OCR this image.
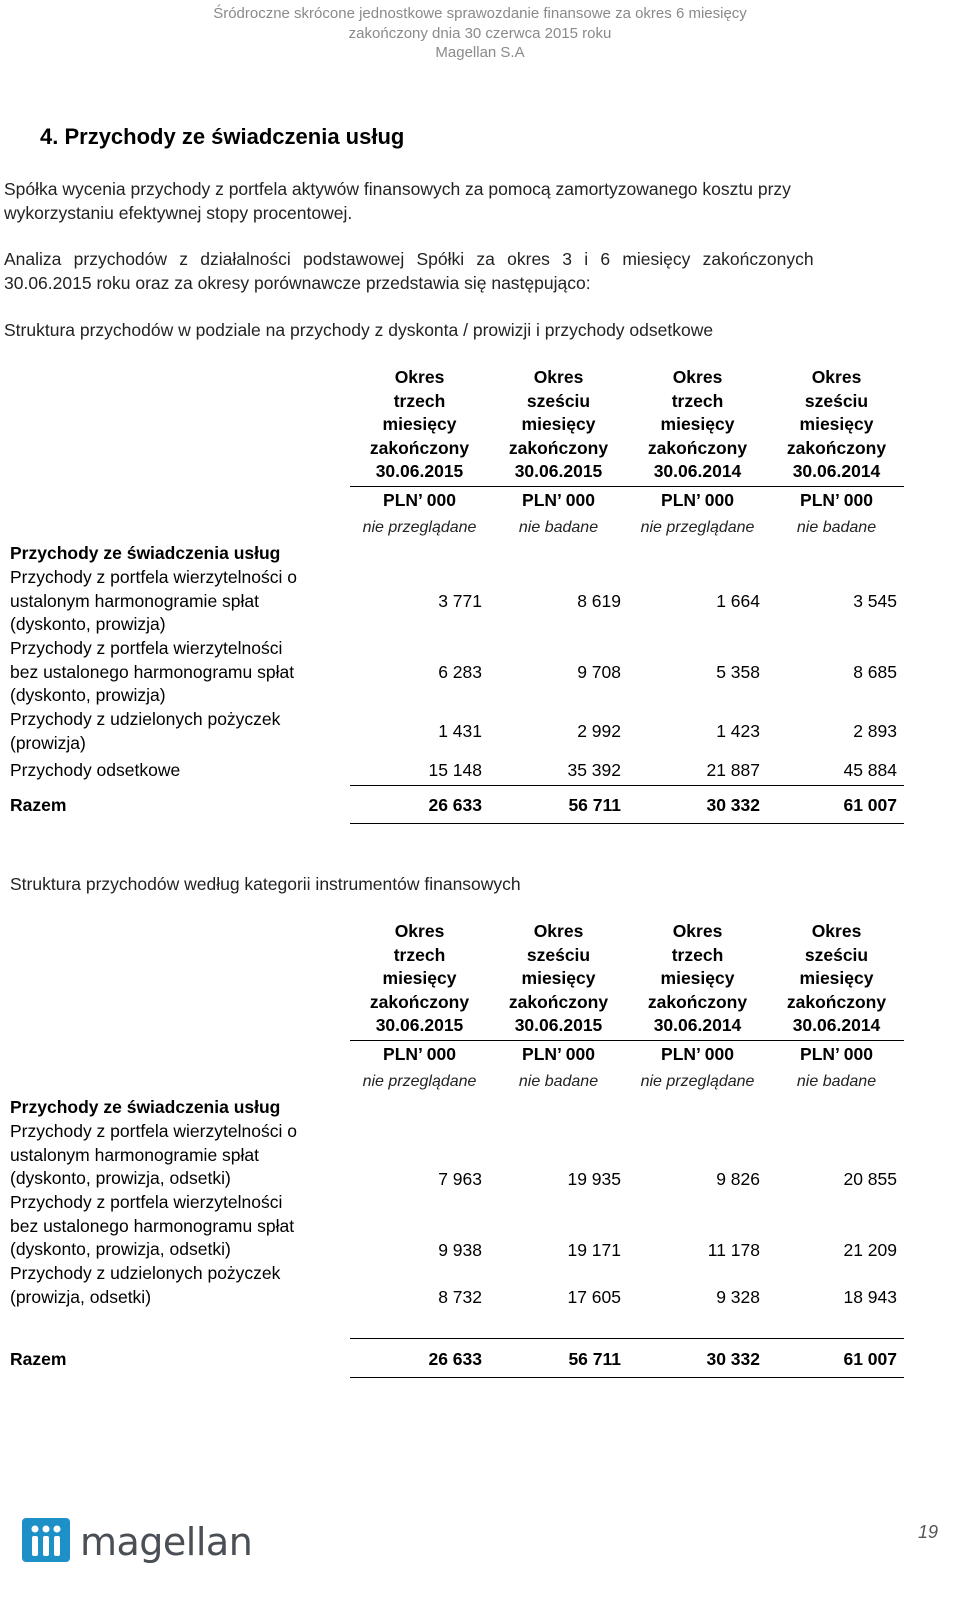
Śródroczne skrócone jednostkowe sprawozdanie finansowe za okres 6 miesięcy
zakończony dnia 30 czerwca 2015 roku
Magellan S.A
4. Przychody ze świadczenia usług
Spółka wycenia przychody z portfela aktywów finansowych za pomocą zamortyzowanego kosztu przy
wykorzystaniu efektywnej stopy procentowej.
Analiza przychodów z działalności podstawowej Spółki za okres 3 i 6 miesięcy zakończonych
30.06.2015 roku oraz za okresy porównawcze przedstawia się następująco:
Struktura przychodów w podziale na przychody z dyskonta / prowizji i przychody odsetkowe
Okres
trzech
miesięcy
zakończony
30.06.2015
Okres
sześciu
miesięcy
zakończony
30.06.2015
Okres
trzech
miesięcy
zakończony
30.06.2014
Okres
sześciu
miesięcy
zakończony
30.06.2014
PLN’ 000	PLN’ 000	PLN’ 000	PLN’ 000
nie przeglądane	nie badane	nie przeglądane	nie badane
Przychody ze świadczenia usług
Przychody z portfela wierzytelności o
ustalonym harmonogramie spłat
(dyskonto, prowizja)
3 771	8 619	1 664	3 545
Przychody z portfela wierzytelności
bez ustalonego harmonogramu spłat
(dyskonto, prowizja)
6 283	9 708	5 358	8 685
Przychody z udzielonych pożyczek
(prowizja)
1 431	2 992	1 423	2 893
Przychody odsetkowe	15 148	35 392	21 887	45 884
Razem	26 633	56 711	30 332	61 007
Struktura przychodów według kategorii instrumentów finansowych
Okres
trzech
miesięcy
zakończony
30.06.2015
Okres
sześciu
miesięcy
zakończony
30.06.2015
Okres
trzech
miesięcy
zakończony
30.06.2014
Okres
sześciu
miesięcy
zakończony
30.06.2014
PLN’ 000	PLN’ 000	PLN’ 000	PLN’ 000
nie przeglądane	nie badane	nie przeglądane	nie badane
Przychody ze świadczenia usług
Przychody z portfela wierzytelności o
ustalonym harmonogramie spłat
(dyskonto, prowizja, odsetki)	7 963	19 935	9 826	20 855
Przychody z portfela wierzytelności
bez ustalonego harmonogramu spłat
(dyskonto, prowizja, odsetki)	9 938	19 171	11 178	21 209
Przychody z udzielonych pożyczek
(prowizja, odsetki)	8 732	17 605	9 328	18 943
Razem	26 633	56 711	30 332	61 007
magellan	19
